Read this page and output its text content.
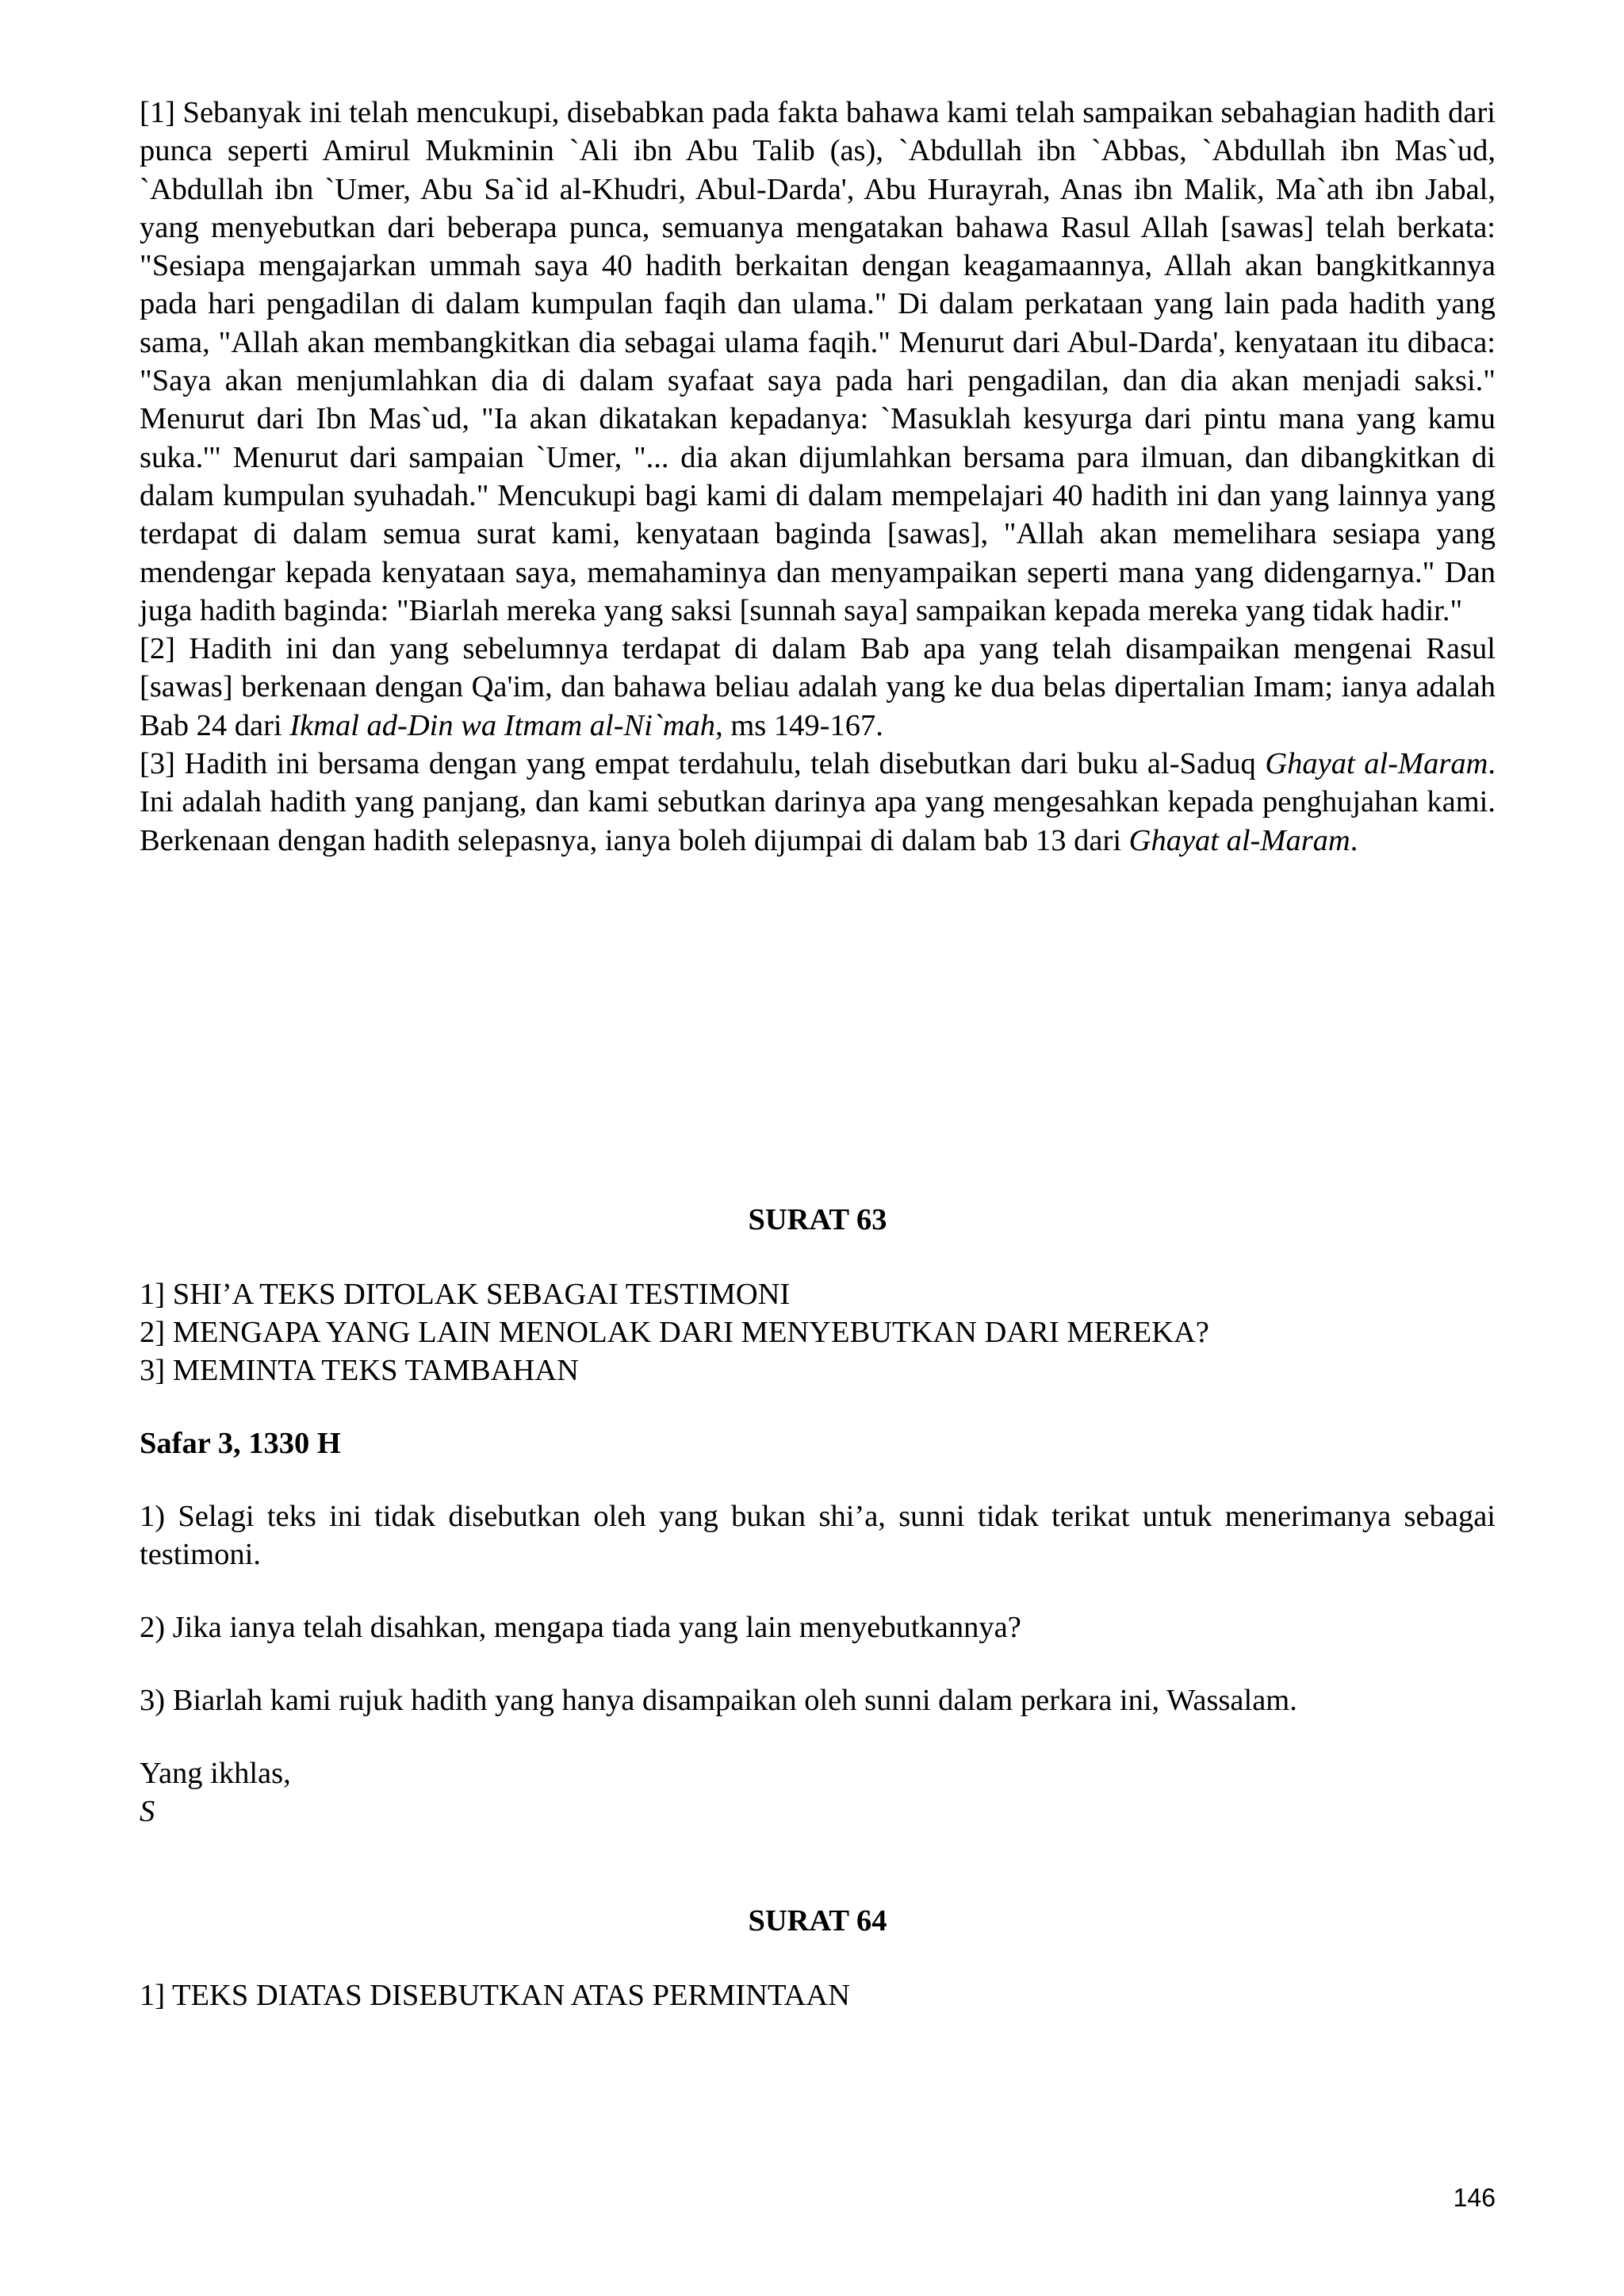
[1] Sebanyak ini telah mencukupi, disebabkan pada fakta bahawa kami telah sampaikan sebahagian hadith dari punca seperti Amirul Mukminin `Ali ibn Abu Talib (as), `Abdullah ibn `Abbas, `Abdullah ibn Mas`ud, `Abdullah ibn `Umer, Abu Sa`id al-Khudri, Abul-Darda', Abu Hurayrah, Anas ibn Malik, Ma`ath ibn Jabal, yang menyebutkan dari beberapa punca, semuanya mengatakan bahawa Rasul Allah [sawas] telah berkata: "Sesiapa mengajarkan ummah saya 40 hadith berkaitan dengan keagamaannya, Allah akan bangkitkannya pada hari pengadilan di dalam kumpulan faqih dan ulama." Di dalam perkataan yang lain pada hadith yang sama, "Allah akan membangkitkan dia sebagai ulama faqih." Menurut dari Abul-Darda', kenyataan itu dibaca: "Saya akan menjumlahkan dia di dalam syafaat saya pada hari pengadilan, dan dia akan menjadi saksi." Menurut dari Ibn Mas`ud, "Ia akan dikatakan kepadanya: `Masuklah kesyurga dari pintu mana yang kamu suka.'" Menurut dari sampaian `Umer, "... dia akan dijumlahkan bersama para ilmuan, dan dibangkitkan di dalam kumpulan syuhadah." Mencukupi bagi kami di dalam mempelajari 40 hadith ini dan yang lainnya yang terdapat di dalam semua surat kami, kenyataan baginda [sawas], "Allah akan memelihara sesiapa yang mendengar kepada kenyataan saya, memahaminya dan menyampaikan seperti mana yang didengarnya." Dan juga hadith baginda: "Biarlah mereka yang saksi [sunnah saya] sampaikan kepada mereka yang tidak hadir."

[2] Hadith ini dan yang sebelumnya terdapat di dalam Bab apa yang telah disampaikan mengenai Rasul [sawas] berkenaan dengan Qa'im, dan bahawa beliau adalah yang ke dua belas dipertalian Imam; ianya adalah Bab 24 dari Ikmal ad-Din wa Itmam al-Ni`mah, ms 149-167.

[3] Hadith ini bersama dengan yang empat terdahulu, telah disebutkan dari buku al-Saduq Ghayat al-Maram. Ini adalah hadith yang panjang, dan kami sebutkan darinya apa yang mengesahkan kepada penghujahan kami. Berkenaan dengan hadith selepasnya, ianya boleh dijumpai di dalam bab 13 dari Ghayat al-Maram.

SURAT 63

1] SHI’A TEKS DITOLAK SEBAGAI TESTIMONI

2] MENGAPA YANG LAIN MENOLAK DARI MENYEBUTKAN DARI MEREKA?

3] MEMINTA TEKS TAMBAHAN

Safar 3, 1330 H

1) Selagi teks ini tidak disebutkan oleh yang bukan shi’a, sunni tidak terikat untuk menerimanya sebagai testimoni.

2) Jika ianya telah disahkan, mengapa tiada yang lain menyebutkannya?

3) Biarlah kami rujuk hadith yang hanya disampaikan oleh sunni dalam perkara ini, Wassalam.

Yang ikhlas,

S

SURAT 64

1] TEKS DIATAS DISEBUTKAN ATAS PERMINTAAN

146
